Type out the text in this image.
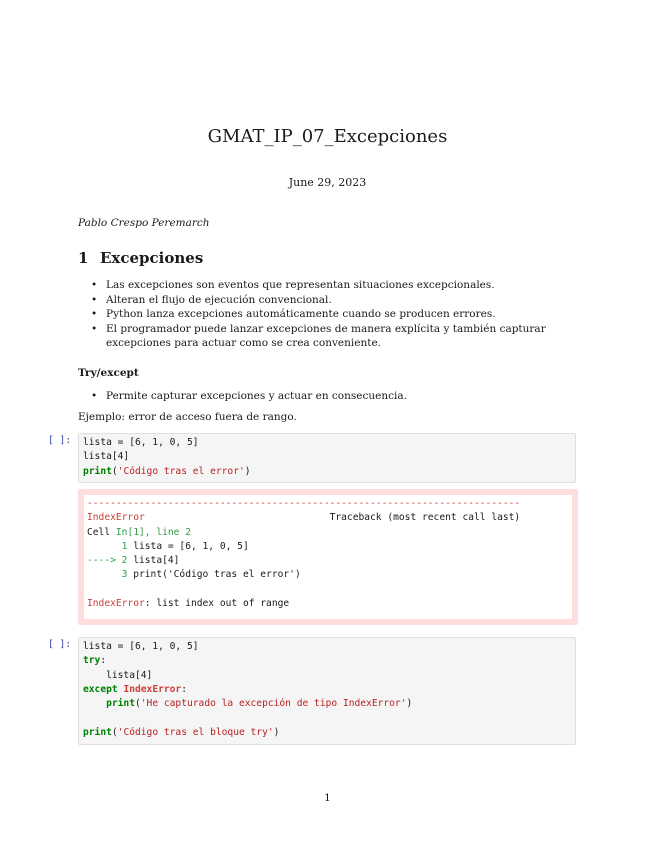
GMAT_IP_07_Excepciones
June 29, 2023
Pablo Crespo Peremarch
1 Excepciones
• Las excepciones son eventos que representan situaciones excepcionales.
• Alteran el flujo de ejecución convencional.
• Python lanza excepciones automáticamente cuando se producen errores.
• El programador puede lanzar excepciones de manera explícita y también capturar excepciones para actuar como se crea conveniente.
Try/except
• Permite capturar excepciones y actuar en consecuencia.
Ejemplo: error de acceso fuera de rango.
[ ]:	lista = [6, 1, 0, 5]
lista[4]
print('Código tras el error')
---------------------------------------------------------------------------
IndexError                                Traceback (most recent call last)
Cell In[1], line 2
1 lista = [6, 1, 0, 5]
----> 2 lista[4]
3 print('Código tras el error')

IndexError: list index out of range
[ ]:	lista = [6, 1, 0, 5]
try:
lista[4]
except IndexError:
print('He capturado la excepción de tipo IndexError')

print('Código tras el bloque try')
1
